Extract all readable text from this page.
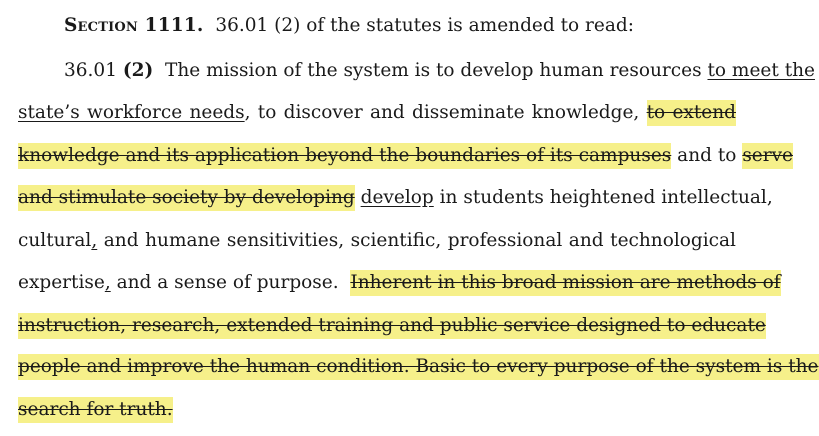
Section 1111. 36.01 (2) of the statutes is amended to read:
36.01 (2) The mission of the system is to develop human resources to meet the
state’s workforce needs, to discover and disseminate knowledge, to extend
knowledge and its application beyond the boundaries of its campuses and to serve
and stimulate society by developing develop in students heightened intellectual,
cultural, and humane sensitivities, scientific, professional and technological
expertise, and a sense of purpose. Inherent in this broad mission are methods of
instruction, research, extended training and public service designed to educate
people and improve the human condition. Basic to every purpose of the system is the
search for truth.
